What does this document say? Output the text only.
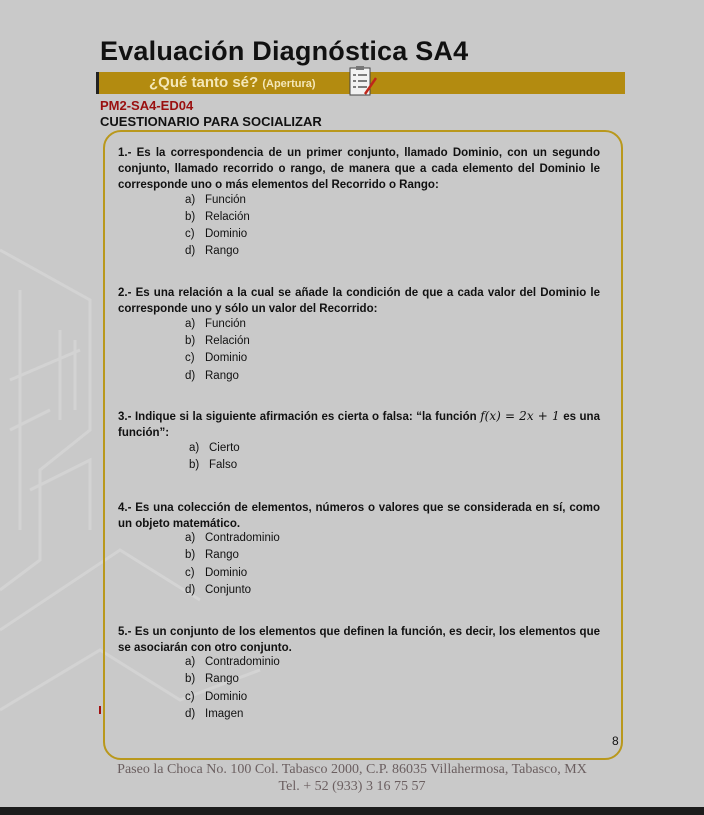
Evaluación Diagnóstica SA4
¿Qué tanto sé? (Apertura)
PM2-SA4-ED04
CUESTIONARIO PARA SOCIALIZAR
1.- Es la correspondencia de un primer conjunto, llamado Dominio, con un segundo conjunto, llamado recorrido o rango, de manera que a cada elemento del Dominio le corresponde uno o más elementos del Recorrido o Rango:
a) Función
b) Relación
c) Dominio
d) Rango
2.- Es una relación a la cual se añade la condición de que a cada valor del Dominio le corresponde uno y sólo un valor del Recorrido:
a) Función
b) Relación
c) Dominio
d) Rango
3.- Indique si la siguiente afirmación es cierta o falsa: “la función f(x) = 2x + 1 es una función”:
a) Cierto
b) Falso
4.- Es una colección de elementos, números o valores que se considerada en sí, como un objeto matemático.
a) Contradominio
b) Rango
c) Dominio
d) Conjunto
5.- Es un conjunto de los elementos que definen la función, es decir, los elementos que se asociarán con otro conjunto.
a) Contradominio
b) Rango
c) Dominio
d) Imagen
8
Paseo la Choca No. 100 Col. Tabasco 2000, C.P. 86035 Villahermosa, Tabasco, MX
Tel. + 52 (933) 3 16 75 57
